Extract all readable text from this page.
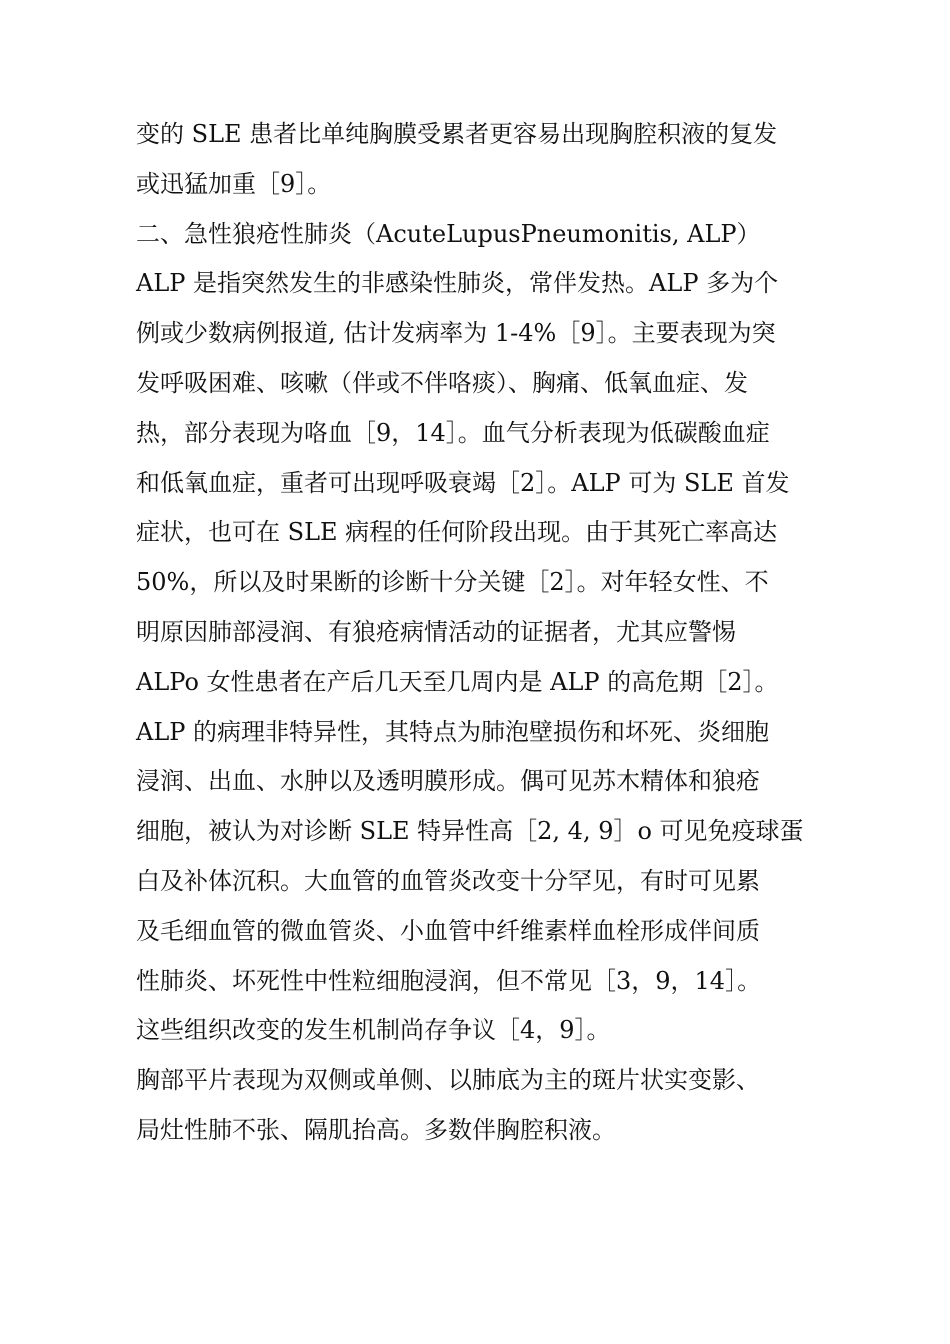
变的 SLE 患者比单纯胸膜受累者更容易出现胸腔积液的复发
或迅猛加重［9］。
二、急性狼疮性肺炎（AcuteLupusPneumonitis, ALP）
ALP 是指突然发生的非感染性肺炎，常伴发热。ALP 多为个
例或少数病例报道, 估计发病率为 1-4%［9］。主要表现为突
发呼吸困难、咳嗽（伴或不伴咯痰）、胸痛、低氧血症、发
热，部分表现为咯血［9，14］。血气分析表现为低碳酸血症
和低氧血症，重者可出现呼吸衰竭［2］。ALP 可为 SLE 首发
症状，也可在 SLE 病程的任何阶段出现。由于其死亡率高达
50%，所以及时果断的诊断十分关键［2］。对年轻女性、不
明原因肺部浸润、有狼疮病情活动的证据者，尤其应警惕
ALPo 女性患者在产后几天至几周内是 ALP 的高危期［2］。
ALP 的病理非特异性，其特点为肺泡壁损伤和坏死、炎细胞
浸润、出血、水肿以及透明膜形成。偶可见苏木精体和狼疮
细胞，被认为对诊断 SLE 特异性高［2, 4, 9］o 可见免疫球蛋
白及补体沉积。大血管的血管炎改变十分罕见，有时可见累
及毛细血管的微血管炎、小血管中纤维素样血栓形成伴间质
性肺炎、坏死性中性粒细胞浸润，但不常见［3，9，14］。
这些组织改变的发生机制尚存争议［4，9］。
胸部平片表现为双侧或单侧、以肺底为主的斑片状实变影、
局灶性肺不张、隔肌抬高。多数伴胸腔积液。
